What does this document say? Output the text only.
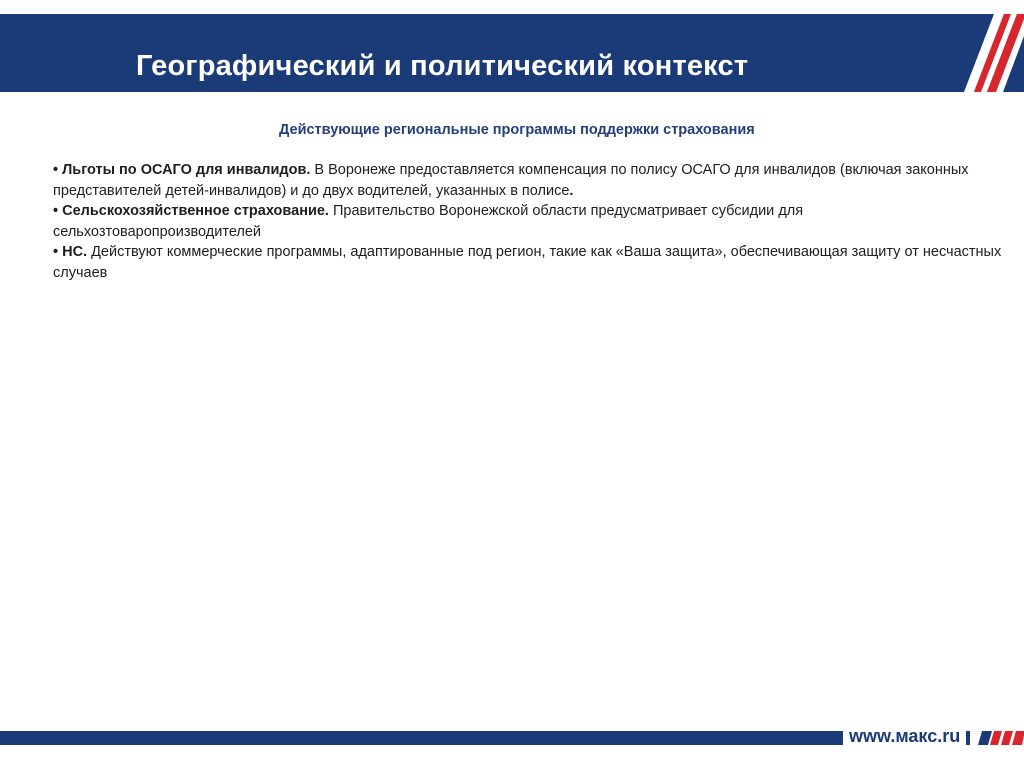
Географический и политический контекст

Действующие региональные программы поддержки страхования

• Льготы по ОСАГО для инвалидов. В Воронеже предоставляется компенсация по полису ОСАГО для инвалидов (включая законных представителей детей-инвалидов) и до двух водителей, указанных в полисе.

• Сельскохозяйственное страхование. Правительство Воронежской области предусматривает субсидии для сельхозтоваропроизводителей

• НС. Действуют коммерческие программы, адаптированные под регион, такие как «Ваша защита», обеспечивающая защиту от несчастных случаев

www.макс.ru
